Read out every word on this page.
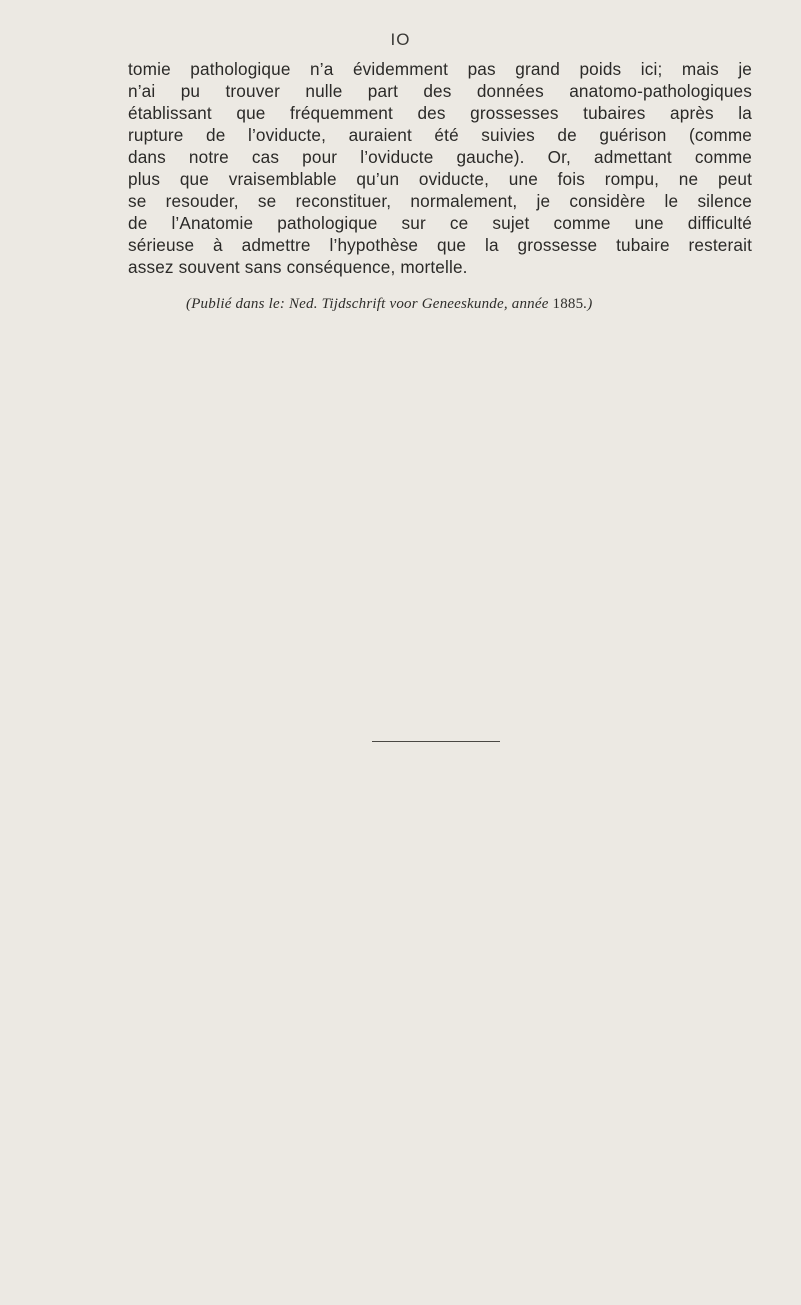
IO
tomie pathologique n’a évidemment pas grand poids ici; mais je
n’ai pu trouver nulle part des données anatomo-pathologiques
établissant que fréquemment des grossesses tubaires après la
rupture de l’oviducte, auraient été suivies de guérison (comme
dans notre cas pour l’oviducte gauche). Or, admettant comme
plus que vraisemblable qu’un oviducte, une fois rompu, ne peut
se resouder, se reconstituer, normalement, je considère le silence
de l’Anatomie pathologique sur ce sujet comme une difficulté
sérieuse à admettre l’hypothèse que la grossesse tubaire resterait
assez souvent sans conséquence, mortelle.
(Publié dans le: Ned. Tijdschrift voor Geneeskunde, année 1885.)
